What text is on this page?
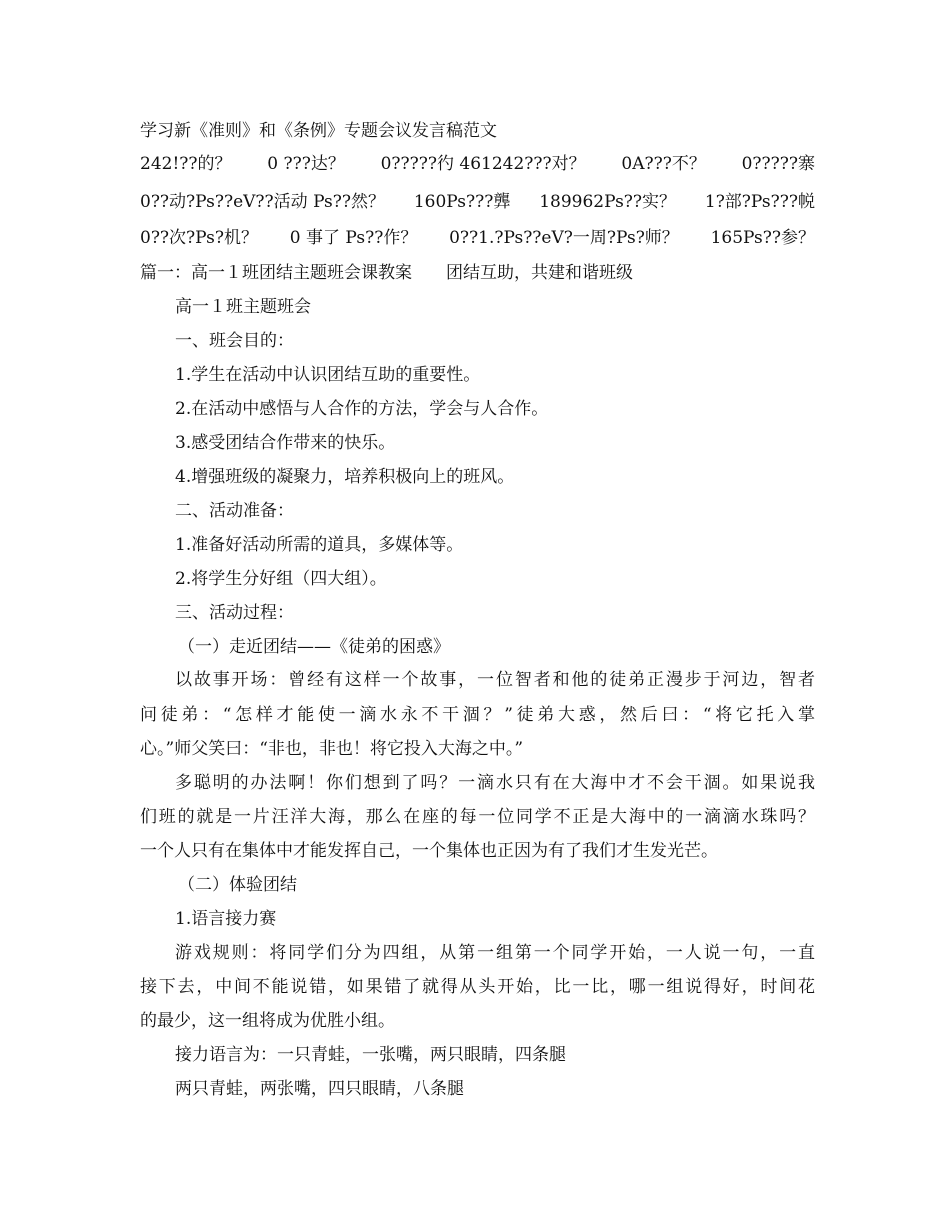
学习新《准则》和《条例》专题会议发言稿范文
242!??的？ 0 ???达？ 0?????彴 461242???对？ 0A???不？ 0?????寨
0??动?Ps??eV??活动 Ps??然？ 160Ps???龏 189962Ps??实？ 1?部?Ps???帨
0??次?Ps?机？ 0 事了 Ps??作？ 0??1.?Ps??eV?一周?Ps?师？ 165Ps??参？
篇一：高一１班团结主题班会课教案　　团结互助，共建和谐班级
高一１班主题班会
一、班会目的：
1.学生在活动中认识团结互助的重要性。
2.在活动中感悟与人合作的方法，学会与人合作。
3.感受团结合作带来的快乐。
4.增强班级的凝聚力，培养积极向上的班风。
二、活动准备：
1.准备好活动所需的道具，多媒体等。
2.将学生分好组（四大组）。
三、活动过程：
（一）走近团结——《徒弟的困惑》
以故事开场：曾经有这样一个故事，一位智者和他的徒弟正漫步于河边，智者
问徒弟：“怎样才能使一滴水永不干涸？”徒弟大惑，然后曰：“将它托入掌
心。”师父笑曰：“非也，非也！将它投入大海之中。”
多聪明的办法啊！你们想到了吗？一滴水只有在大海中才不会干涸。如果说我
们班的就是一片汪洋大海，那么在座的每一位同学不正是大海中的一滴滴水珠吗？
一个人只有在集体中才能发挥自己，一个集体也正因为有了我们才生发光芒。
（二）体验团结
1.语言接力赛
游戏规则：将同学们分为四组，从第一组第一个同学开始，一人说一句，一直
接下去，中间不能说错，如果错了就得从头开始，比一比，哪一组说得好，时间花
的最少，这一组将成为优胜小组。
接力语言为：一只青蛙，一张嘴，两只眼睛，四条腿
两只青蛙，两张嘴，四只眼睛，八条腿
